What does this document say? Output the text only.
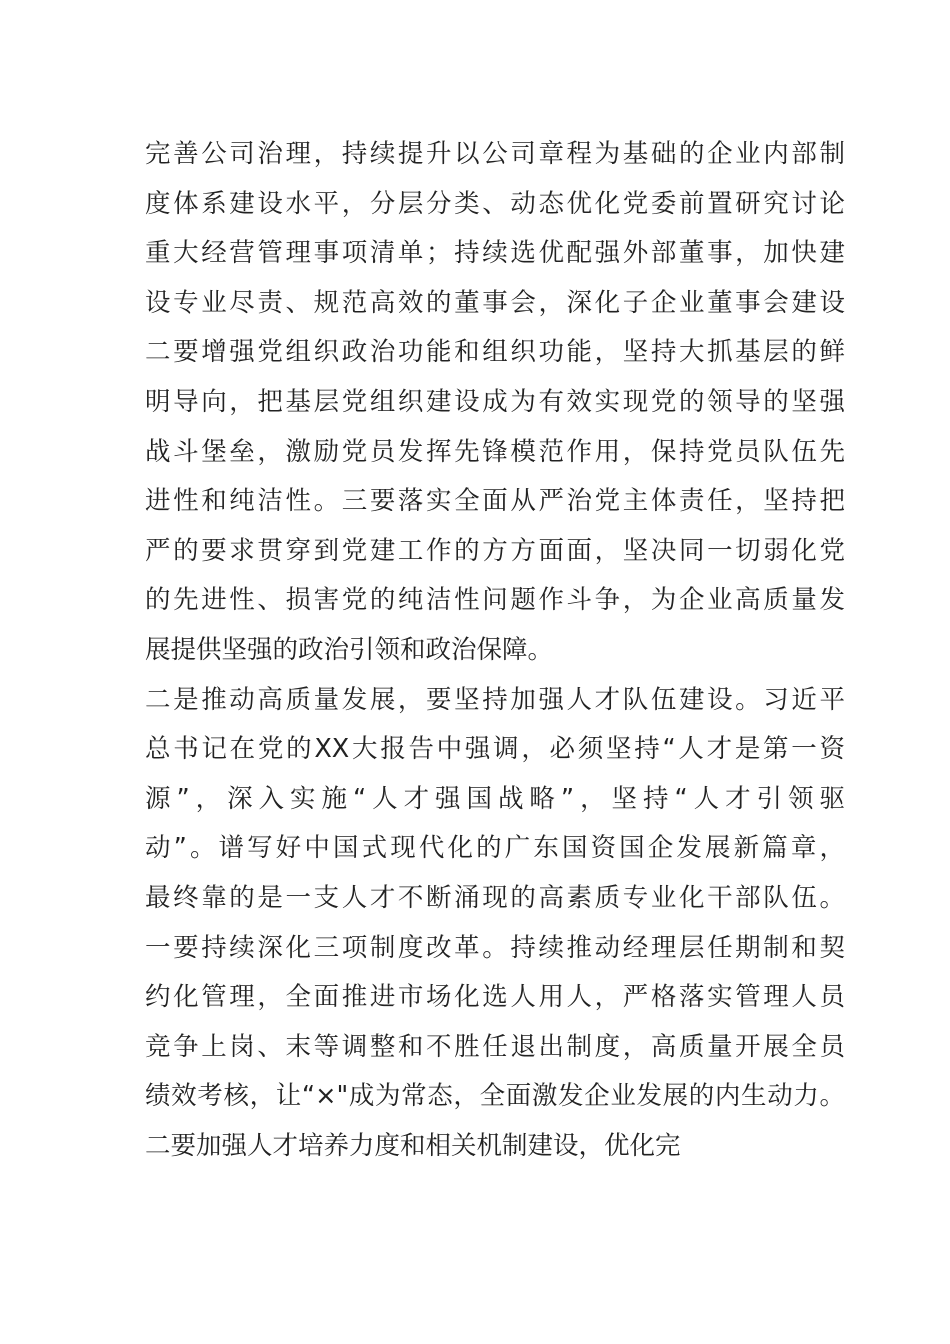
完善公司治理，持续提升以公司章程为基础的企业内部制
度体系建设水平，分层分类、动态优化党委前置研究讨论
重大经营管理事项清单；持续选优配强外部董事，加快建
设专业尽责、规范高效的董事会，深化子企业董事会建设
二要增强党组织政治功能和组织功能，坚持大抓基层的鲜
明导向，把基层党组织建设成为有效实现党的领导的坚强
战斗堡垒，激励党员发挥先锋模范作用，保持党员队伍先
进性和纯洁性。三要落实全面从严治党主体责任，坚持把
严的要求贯穿到党建工作的方方面面，坚决同一切弱化党
的先进性、损害党的纯洁性问题作斗争，为企业高质量发
展提供坚强的政治引领和政治保障。
二是推动高质量发展，要坚持加强人才队伍建设。习近平
总书记在党的XX大报告中强调，必须坚持“人才是第一资
源”，深入实施“人才强国战略”，坚持“人才引领驱
动”。谱写好中国式现代化的广东国资国企发展新篇章，
最终靠的是一支人才不断涌现的高素质专业化干部队伍。
一要持续深化三项制度改革。持续推动经理层任期制和契
约化管理，全面推进市场化选人用人，严格落实管理人员
竞争上岗、末等调整和不胜任退出制度，高质量开展全员
绩效考核，让“×"成为常态，全面激发企业发展的内生动力。
二要加强人才培养力度和相关机制建设，优化完
